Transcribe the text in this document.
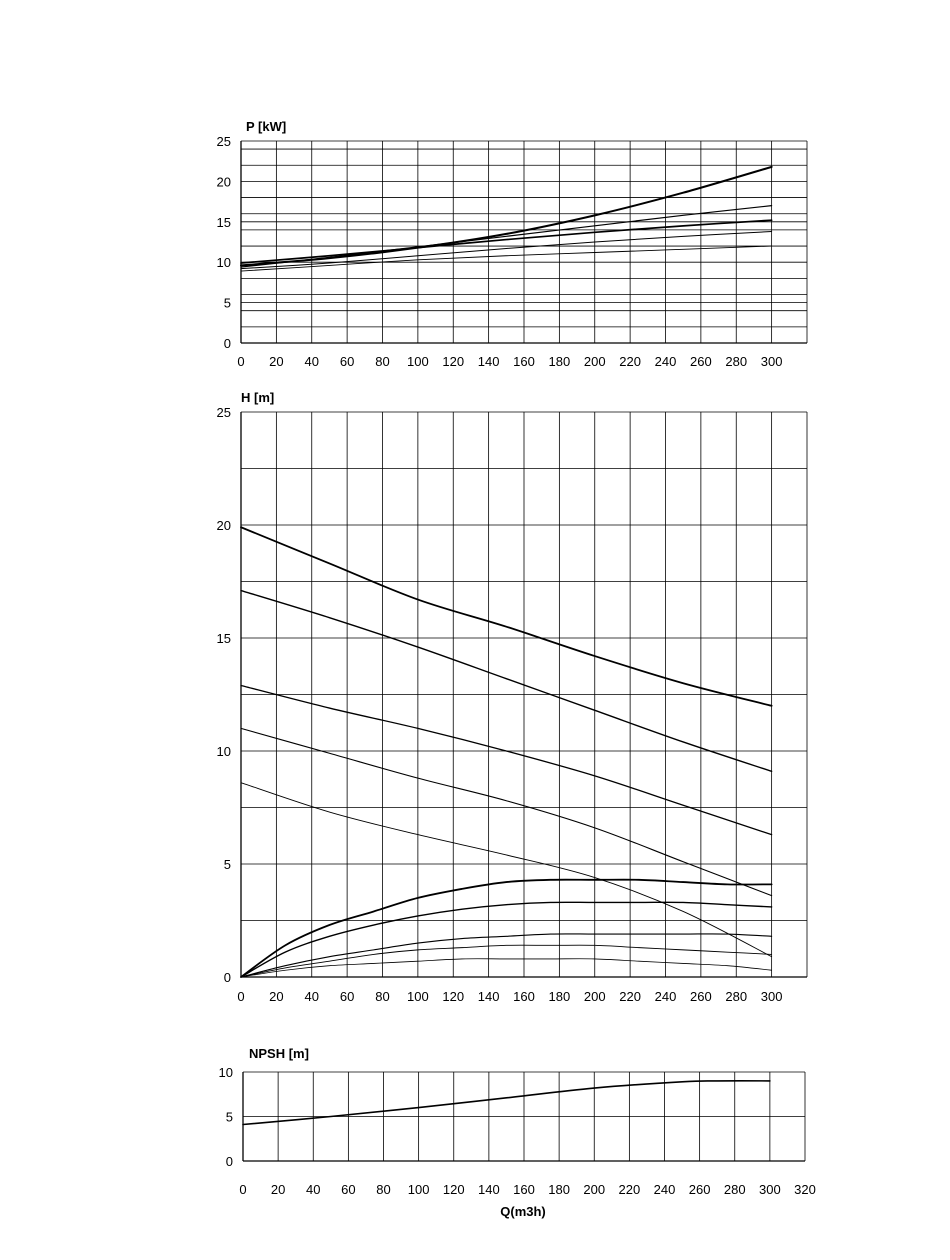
P [kW]
0
5
10
15
20
25
0 20 40 60 80 100 120 140 160 180 200 220 240 260 280 300
H [m]
0
5
10
15
20
25
0 20 40 60 80 100 120 140 160 180 200 220 240 260 280 300
NPSH [m]
0
5
10
0 20 40 60 80 100 120 140 160 180 200 220 240 260 280 300 320
Q(m3h)
